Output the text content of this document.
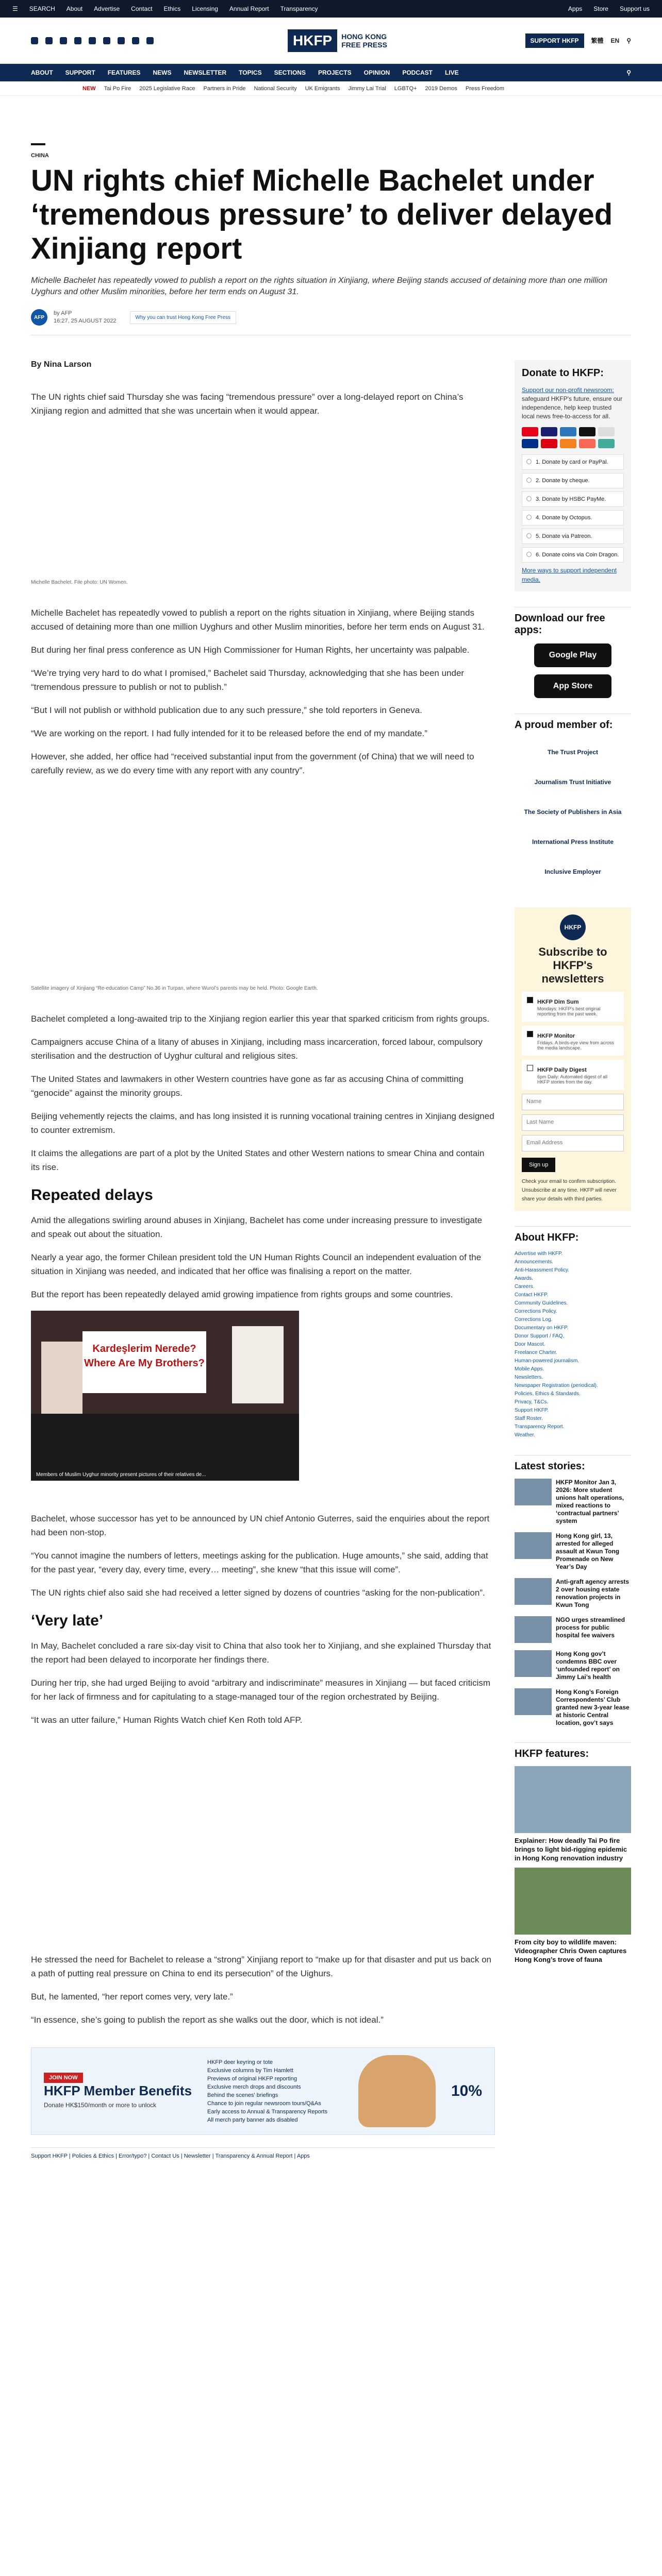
☰ SEARCH About Advertise Contact Ethics Licensing Annual Report Transparency	Apps Store Support us
HKFP	HONG KONG
FREE PRESS	SUPPORT HKFP	繁體 EN ⚲
ABOUT SUPPORT FEATURES NEWS NEWSLETTER TOPICS SECTIONS PROJECTS OPINION PODCAST LIVE	⚲
NEW Tai Po Fire 2025 Legislative Race Partners in Pride National Security UK Emigrants Jimmy Lai Trial LGBTQ+ 2019 Demos Press Freedom
CHINA
UN rights chief Michelle Bachelet under ‘tremendous pressure’ to deliver delayed Xinjiang report
Michelle Bachelet has repeatedly vowed to publish a report on the rights situation in Xinjiang, where Beijing stands accused of detaining more than one million Uyghurs and other Muslim minorities, before her term ends on August 31.
AFP
by AFP
16:27, 25 AUGUST 2022
Why you can trust Hong Kong Free Press
By Nina Larson

The UN rights chief said Thursday she was facing “tremendous pressure” over a long-delayed report on China’s Xinjiang region and admitted that she was uncertain when it would appear.

Michelle Bachelet. File photo: UN Women.

Michelle Bachelet has repeatedly vowed to publish a report on the rights situation in Xinjiang, where Beijing stands accused of detaining more than one million Uyghurs and other Muslim minorities, before her term ends on August 31.

But during her final press conference as UN High Commissioner for Human Rights, her uncertainty was palpable.

“We’re trying very hard to do what I promised,” Bachelet said Thursday, acknowledging that she has been under “tremendous pressure to publish or not to publish.”

“But I will not publish or withhold publication due to any such pressure,” she told reporters in Geneva.

“We are working on the report. I had fully intended for it to be released before the end of my mandate.”

However, she added, her office had “received substantial input from the government (of China) that we will need to carefully review, as we do every time with any report with any country”.

Satellite imagery of Xinjiang “Re-education Camp” No.36 in Turpan, where Wurol’s parents may be held. Photo: Google Earth.

Bachelet completed a long-awaited trip to the Xinjiang region earlier this year that sparked criticism from rights groups.

Campaigners accuse China of a litany of abuses in Xinjiang, including mass incarceration, forced labour, compulsory sterilisation and the destruction of Uyghur cultural and religious sites.

The United States and lawmakers in other Western countries have gone as far as accusing China of committing “genocide” against the minority groups.

Beijing vehemently rejects the claims, and has long insisted it is running vocational training centres in Xinjiang designed to counter extremism.

It claims the allegations are part of a plot by the United States and other Western nations to smear China and contain its rise.

Repeated delays

Amid the allegations swirling around abuses in Xinjiang, Bachelet has come under increasing pressure to investigate and speak out about the situation.

Nearly a year ago, the former Chilean president told the UN Human Rights Council an independent evaluation of the situation in Xinjiang was needed, and indicated that her office was finalising a report on the matter.

But the report has been repeatedly delayed amid growing impatience from rights groups and some countries.

Kardeşlerim Nerede? Where Are My Brothers?
Members of Muslim Uyghur minority present pictures of their relatives de...

Bachelet, whose successor has yet to be announced by UN chief Antonio Guterres, said the enquiries about the report had been non-stop.

“You cannot imagine the numbers of letters, meetings asking for the publication. Huge amounts,” she said, adding that for the past year, “every day, every time, every… meeting”, she knew “that this issue will come”.

The UN rights chief also said she had received a letter signed by dozens of countries “asking for the non-publication”.

‘Very late’

In May, Bachelet concluded a rare six-day visit to China that also took her to Xinjiang, and she explained Thursday that the report had been delayed to incorporate her findings there.

During her trip, she had urged Beijing to avoid “arbitrary and indiscriminate” measures in Xinjiang — but faced criticism for her lack of firmness and for capitulating to a stage-managed tour of the region orchestrated by Beijing.

“It was an utter failure,” Human Rights Watch chief Ken Roth told AFP.

He stressed the need for Bachelet to release a “strong” Xinjiang report to “make up for that disaster and put us back on a path of putting real pressure on China to end its persecution” of the Uighurs.

But, he lamented, “her report comes very, very late.”

“In essence, she’s going to publish the report as she walks out the door, which is not ideal.”

JOIN NOW
HKFP Member Benefits
Donate HK$150/month or more to unlock
HKFP deer keyring or tote
Exclusive columns by Tim Hamlett
Previews of original HKFP reporting
Exclusive merch drops and discounts
Behind the scenes' briefings
Chance to join regular newsroom tours/Q&As
Early access to Annual & Transparency Reports
All merch party banner ads disabled
10%
Support HKFP | Policies & Ethics | Error/typo? | Contact Us | Newsletter | Transparency & Annual Report | Apps
Donate to HKFP:
Support our non-profit newsroom:
safeguard HKFP's future, ensure our independence, help keep trusted local news free-to-access for all.
1. Donate by card or PayPal.
2. Donate by cheque.
3. Donate by HSBC PayMe.
4. Donate by Octopus.
5. Donate via Patreon.
6. Donate coins via Coin Dragon.
More ways to support independent media.
Download our free apps:
Google Play
App Store
A proud member of:
The Trust Project
Journalism Trust Initiative
The Society of Publishers in Asia
International Press Institute
Inclusive Employer
HKFP
Subscribe to HKFP's newsletters
HKFP Dim Sum

Mondays: HKFP's best original reporting from the past week.

HKFP Monitor

Fridays. A birds-eye view from across the media landscape.

HKFP Daily Digest

6pm Daily: Automated digest of all HKFP stories from the day.

Name
Last Name
Email Address
Sign up
Check your email to confirm subscription. Unsubscribe at any time. HKFP will never share your details with third parties.
About HKFP:
Advertise with HKFP.
Announcements.
Anti-Harassment Policy.
Awards.
Careers.
Contact HKFP.
Community Guidelines.
Corrections Policy.
Corrections Log.
Documentary on HKFP.
Donor Support / FAQ.
Door Mascot.
Freelance Charter.
Human-powered journalism.
Mobile Apps.
Newsletters.
Newspaper Registration (periodical).
Policies, Ethics & Standards.
Privacy, T&Cs.
Support HKFP.
Staff Roster.
Transparency Report.
Weather.
Latest stories:

HKFP Monitor Jan 3, 2026: More student unions halt operations, mixed reactions to ‘contractual partners’ system

Hong Kong girl, 13, arrested for alleged assault at Kwun Tong Promenade on New Year’s Day

Anti-graft agency arrests 2 over housing estate renovation projects in Kwun Tong

NGO urges streamlined process for public hospital fee waivers

Hong Kong gov’t condemns BBC over ‘unfounded report’ on Jimmy Lai’s health

Hong Kong’s Foreign Correspondents’ Club granted new 3-year lease at historic Central location, gov’t says

HKFP features:

Explainer: How deadly Tai Po fire brings to light bid-rigging epidemic in Hong Kong renovation industry

From city boy to wildlife maven: Videographer Chris Owen captures Hong Kong’s trove of fauna
